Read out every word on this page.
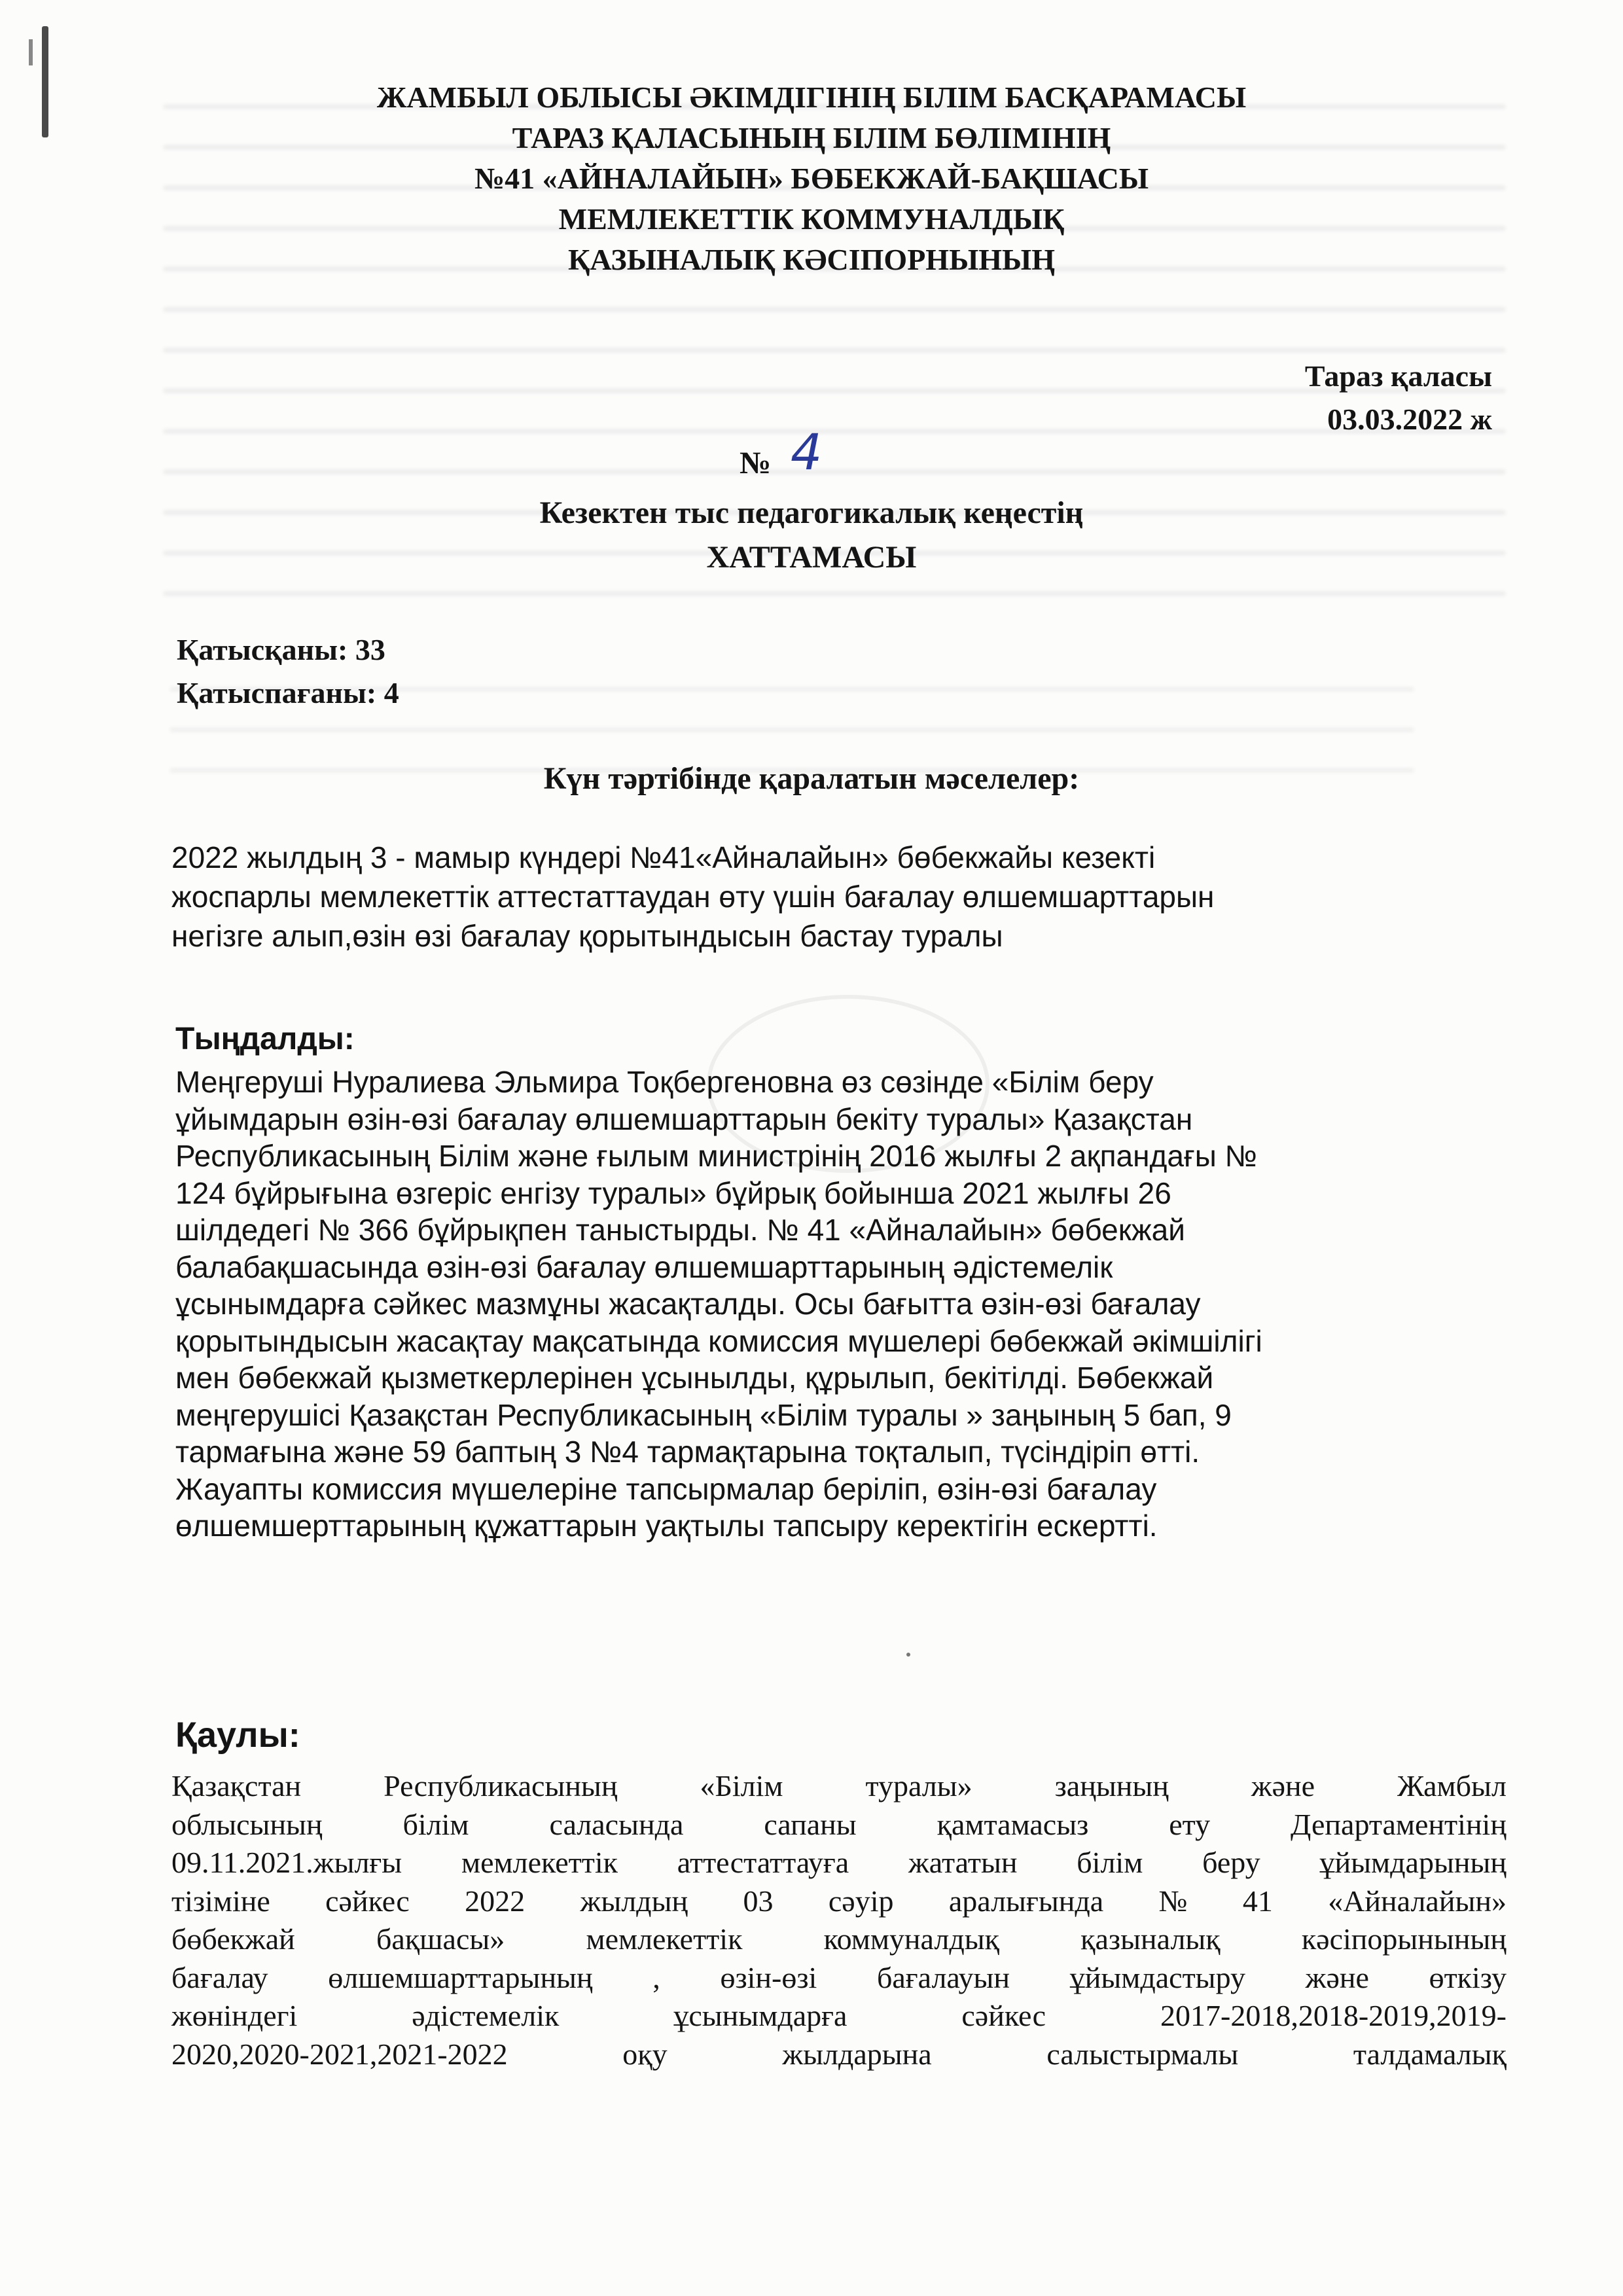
ЖАМБЫЛ ОБЛЫСЫ ӘКІМДІГІНІҢ БІЛІМ БАСҚАРАМАСЫ
ТАРАЗ ҚАЛАСЫНЫҢ БІЛІМ БӨЛІМІНІҢ
№41 «АЙНАЛАЙЫН» БӨБЕКЖАЙ-БАҚШАСЫ
МЕМЛЕКЕТТІК КОММУНАЛДЫҚ
ҚАЗЫНАЛЫҚ КӘСІПОРНЫНЫҢ
Тараз қаласы
03.03.2022 ж
№ 4
Кезектен тыс педагогикалық кеңестің
ХАТТАМАСЫ
Қатысқаны: 33
Қатыспағаны: 4
Күн тәртібінде қаралатын мәселелер:
2022 жылдың 3 - мамыр күндері №41«Айналайын» бөбекжайы кезекті
жоспарлы мемлекеттік аттестаттаудан өту үшін бағалау өлшемшарттарын
негізге алып,өзін өзі бағалау қорытындысын бастау туралы
Тыңдалды:
Меңгеруші Нуралиева Эльмира Тоқбергеновна өз сөзінде «Білім беру
ұйымдарын өзін-өзі бағалау өлшемшарттарын бекіту туралы» Қазақстан
Республикасының Білім және ғылым министрінің 2016 жылғы 2 ақпандағы №
124 бұйрығына өзгеріс енгізу туралы» бұйрық бойынша 2021 жылғы 26
шілдедегі № 366 бұйрықпен таныстырды. № 41 «Айналайын» бөбекжай
балабақшасында өзін-өзі бағалау өлшемшарттарының әдістемелік
ұсынымдарға сәйкес мазмұны жасақталды. Осы бағытта өзін-өзі бағалау
қорытындысын жасақтау мақсатында комиссия мүшелері бөбекжай әкімшілігі
мен бөбекжай қызметкерлерінен ұсынылды, құрылып, бекітілді. Бөбекжай
меңгерушісі Қазақстан Республикасының «Білім туралы » заңының 5 бап, 9
тармағына және 59 баптың 3 №4 тармақтарына тоқталып, түсіндіріп өтті.
Жауапты комиссия мүшелеріне тапсырмалар беріліп, өзін-өзі бағалау
өлшемшерттарының құжаттарын уақтылы тапсыру керектігін ескертті.
Қаулы:
Қазақстан	Республикасының	«Білім	туралы»	заңының	және	Жамбыл
облысының	білім	саласында	сапаны	қамтамасыз	ету	Департаментінің
09.11.2021.жылғы мемлекеттік аттестаттауға жататын білім беру ұйымдарының
тізіміне сәйкес 2022 жылдың 03 сәуір аралығында № 41 «Айналайын»
бөбекжай	бақшасы»	мемлекеттік	коммуналдық	қазыналық	кәсіпорынының
бағалау өлшемшарттарының , өзін-өзі бағалауын ұйымдастыру және өткізу
жөніндегі	әдістемелік	ұсынымдарға	сәйкес	2017-2018,2018-2019,2019-
2020,2020-2021,2021-2022	оқу	жылдарына	салыстырмалы	талдамалық
